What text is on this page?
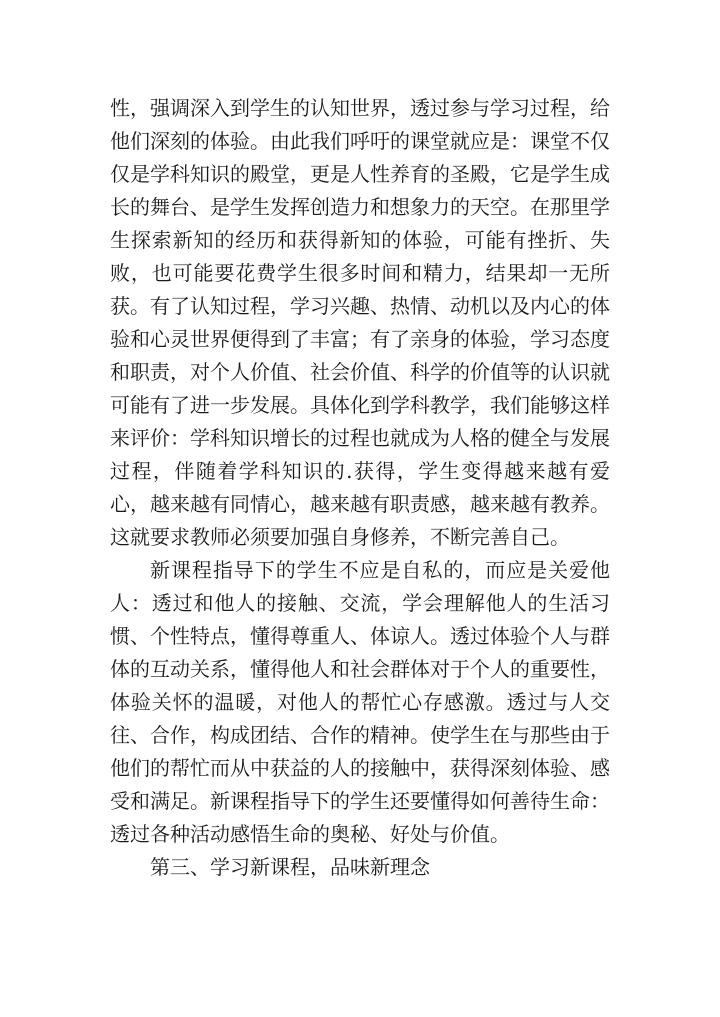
性，强调深入到学生的认知世界，透过参与学习过程，给他们深刻的体验。由此我们呼吁的课堂就应是：课堂不仅仅是学科知识的殿堂，更是人性养育的圣殿，它是学生成长的舞台、是学生发挥创造力和想象力的天空。在那里学生探索新知的经历和获得新知的体验，可能有挫折、失败，也可能要花费学生很多时间和精力，结果却一无所获。有了认知过程，学习兴趣、热情、动机以及内心的体验和心灵世界便得到了丰富；有了亲身的体验，学习态度和职责，对个人价值、社会价值、科学的价值等的认识就可能有了进一步发展。具体化到学科教学，我们能够这样来评价：学科知识增长的过程也就成为人格的健全与发展过程，伴随着学科知识的.获得，学生变得越来越有爱心，越来越有同情心，越来越有职责感，越来越有教养。这就要求教师必须要加强自身修养，不断完善自己。

新课程指导下的学生不应是自私的，而应是关爱他人：透过和他人的接触、交流，学会理解他人的生活习惯、个性特点，懂得尊重人、体谅人。透过体验个人与群体的互动关系，懂得他人和社会群体对于个人的重要性，体验关怀的温暖，对他人的帮忙心存感激。透过与人交往、合作，构成团结、合作的精神。使学生在与那些由于他们的帮忙而从中获益的人的接触中，获得深刻体验、感受和满足。新课程指导下的学生还要懂得如何善待生命：透过各种活动感悟生命的奥秘、好处与价值。

第三、学习新课程，品味新理念
